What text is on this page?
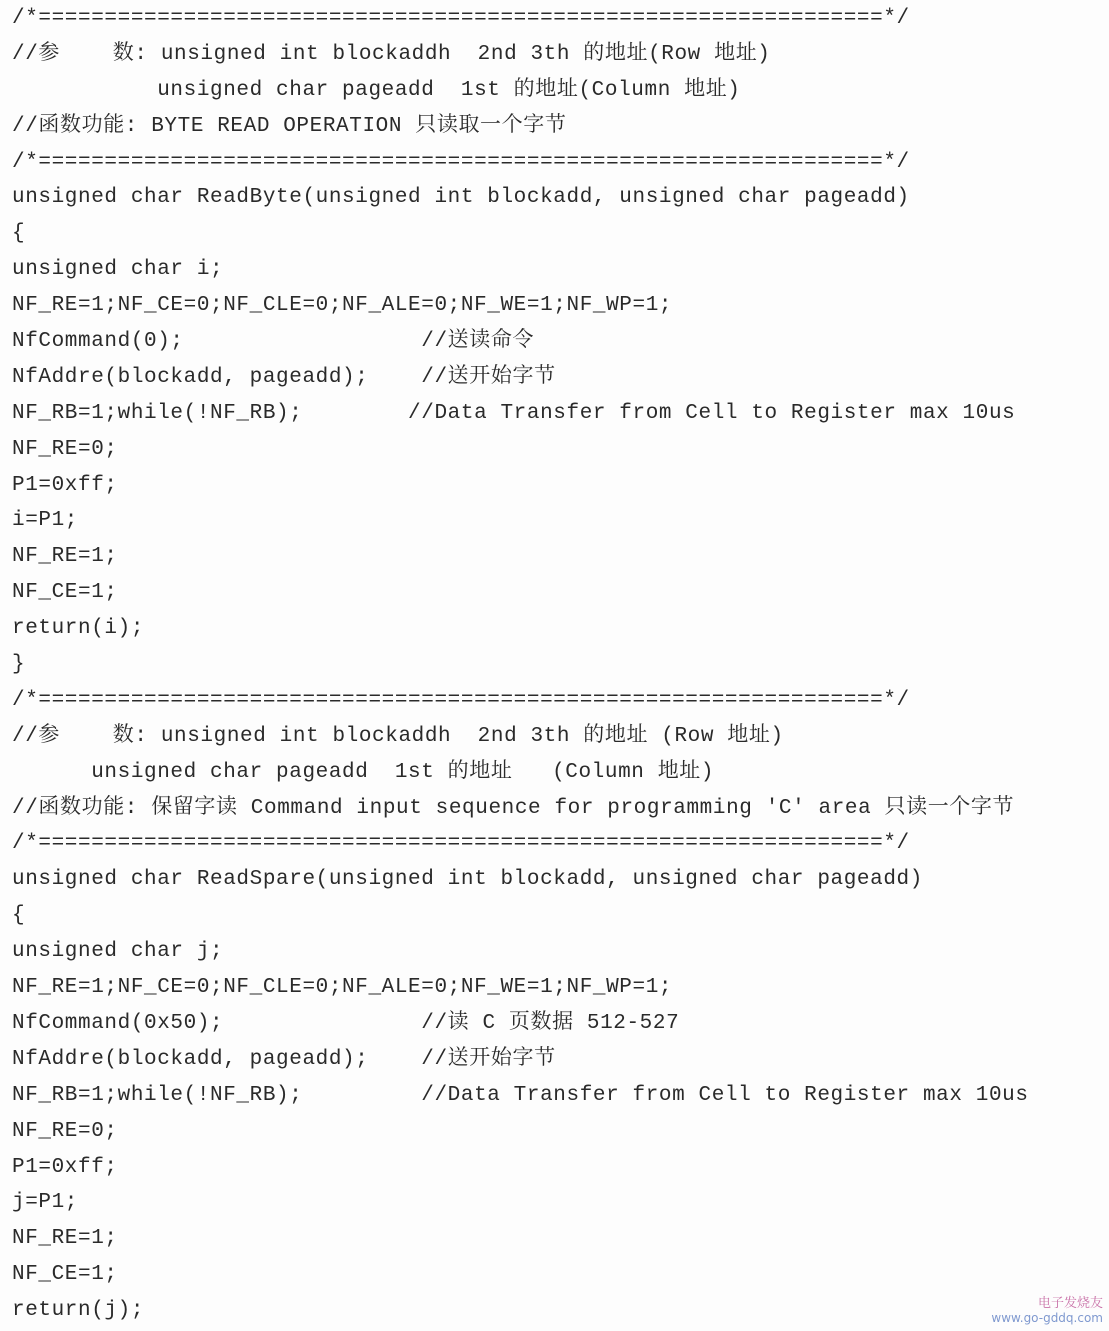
/*================================================================*/
//参    数: unsigned int blockaddh  2nd 3th 的地址(Row 地址)
unsigned char pageadd  1st 的地址(Column 地址)
//函数功能: BYTE READ OPERATION 只读取一个字节
/*================================================================*/
unsigned char ReadByte(unsigned int blockadd, unsigned char pageadd)
{
unsigned char i;
NF_RE=1;NF_CE=0;NF_CLE=0;NF_ALE=0;NF_WE=1;NF_WP=1;
NfCommand(0);                  //送读命令
NfAddre(blockadd, pageadd);    //送开始字节
NF_RB=1;while(!NF_RB);        //Data Transfer from Cell to Register max 10us
NF_RE=0;
P1=0xff;
i=P1;
NF_RE=1;
NF_CE=1;
return(i);
}
/*================================================================*/
//参    数: unsigned int blockaddh  2nd 3th 的地址 (Row 地址)
unsigned char pageadd  1st 的地址   (Column 地址)
//函数功能: 保留字读 Command input sequence for programming 'C' area 只读一个字节
/*================================================================*/
unsigned char ReadSpare(unsigned int blockadd, unsigned char pageadd)
{
unsigned char j;
NF_RE=1;NF_CE=0;NF_CLE=0;NF_ALE=0;NF_WE=1;NF_WP=1;
NfCommand(0x50);               //读 C 页数据 512-527
NfAddre(blockadd, pageadd);    //送开始字节
NF_RB=1;while(!NF_RB);         //Data Transfer from Cell to Register max 10us
NF_RE=0;
P1=0xff;
j=P1;
NF_RE=1;
NF_CE=1;
return(j);	电子发烧友
www.go-gddq.com
